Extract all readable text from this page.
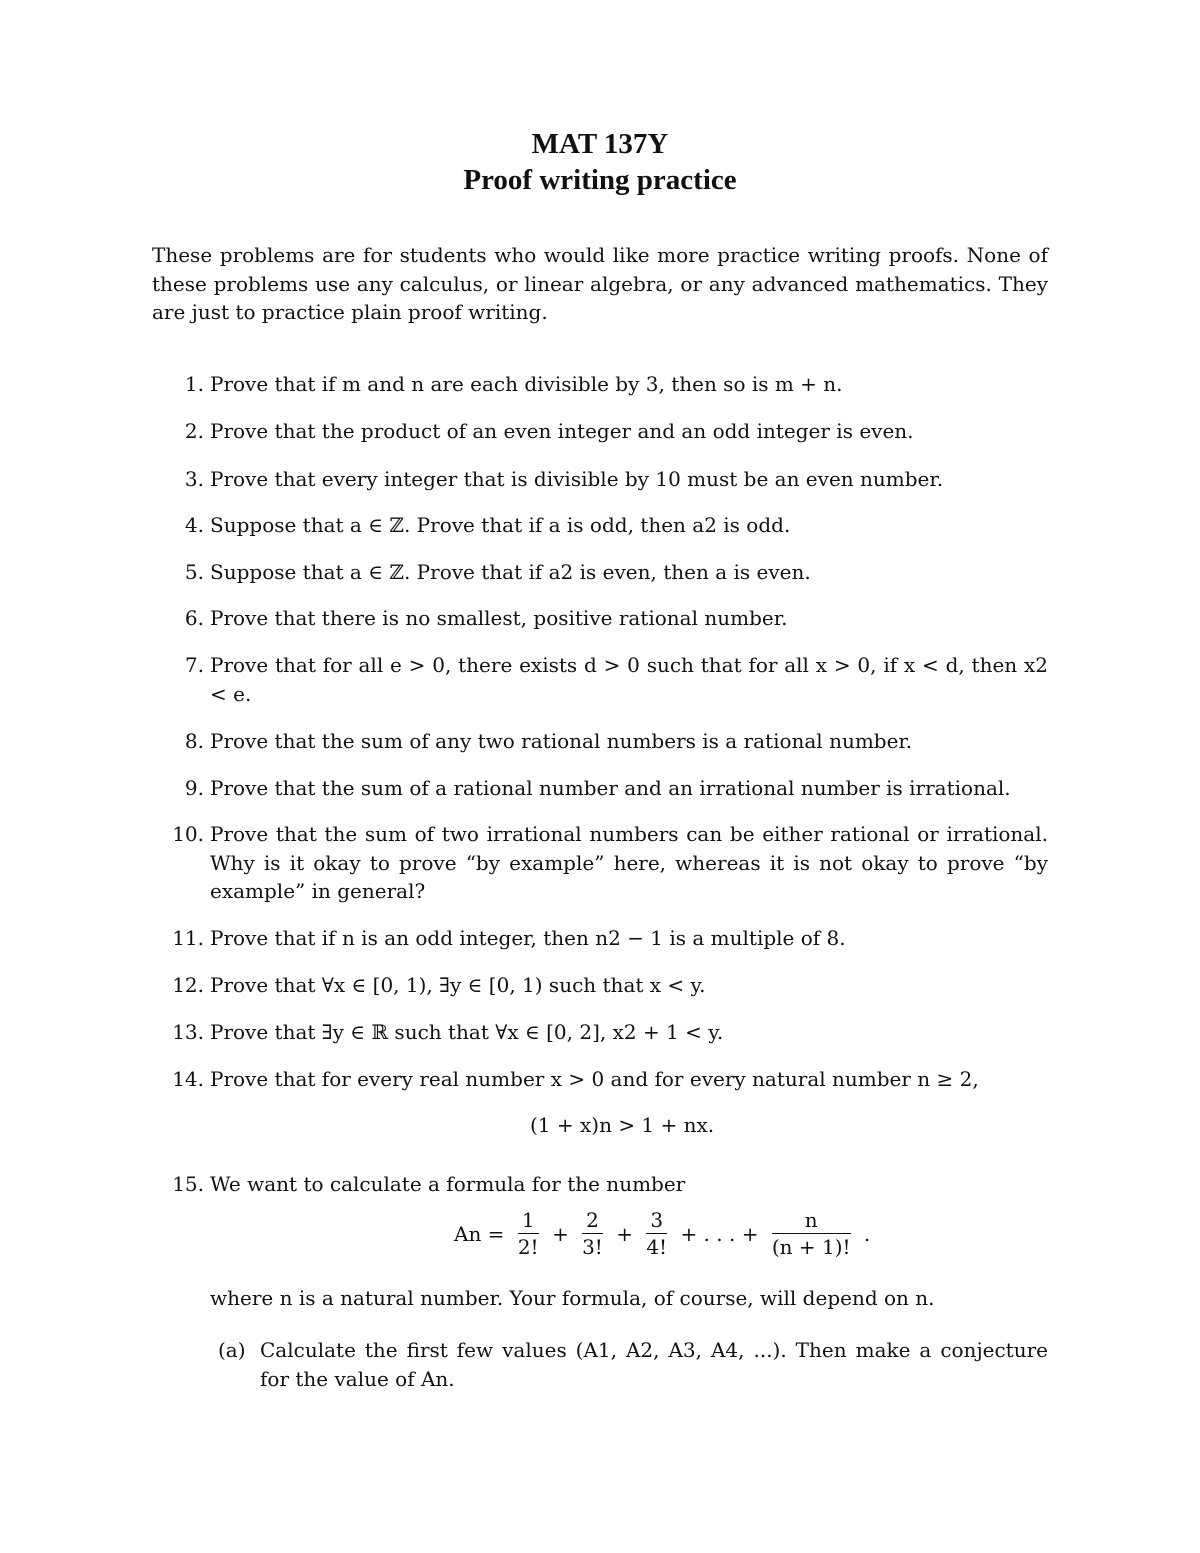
MAT 137Y
Proof writing practice

These problems are for students who would like more practice writing proofs. None of these problems use any calculus, or linear algebra, or any advanced mathematics. They are just to practice plain proof writing.

1. Prove that if m and n are each divisible by 3, then so is m + n.
2. Prove that the product of an even integer and an odd integer is even.
3. Prove that every integer that is divisible by 10 must be an even number.
4. Suppose that a ∈ ℤ. Prove that if a is odd, then a2 is odd.
5. Suppose that a ∈ ℤ. Prove that if a2 is even, then a is even.
6. Prove that there is no smallest, positive rational number.
7. Prove that for all e > 0, there exists d > 0 such that for all x > 0, if x < d, then x2 < e.
8. Prove that the sum of any two rational numbers is a rational number.
9. Prove that the sum of a rational number and an irrational number is irrational.
10. Prove that the sum of two irrational numbers can be either rational or irrational. Why is it okay to prove “by example” here, whereas it is not okay to prove “by example” in general?
11. Prove that if n is an odd integer, then n2 − 1 is a multiple of 8.
12. Prove that ∀x ∈ [0, 1), ∃y ∈ [0, 1) such that x < y.
13. Prove that ∃y ∈ ℝ such that ∀x ∈ [0, 2], x2 + 1 < y.
14. Prove that for every real number x > 0 and for every natural number n ≥ 2,
(1 + x)n > 1 + nx.
15. We want to calculate a formula for the number
$An = \frac{1}{2!} + \frac{2}{3!} + \frac{3}{4!}$ + . . . + $\frac{n}{(n + 1)!}$ .
where n is a natural number. Your formula, of course, will depend on n.
(a) Calculate the first few values (A1, A2, A3, A4, ...). Then make a conjecture for the value of An.
